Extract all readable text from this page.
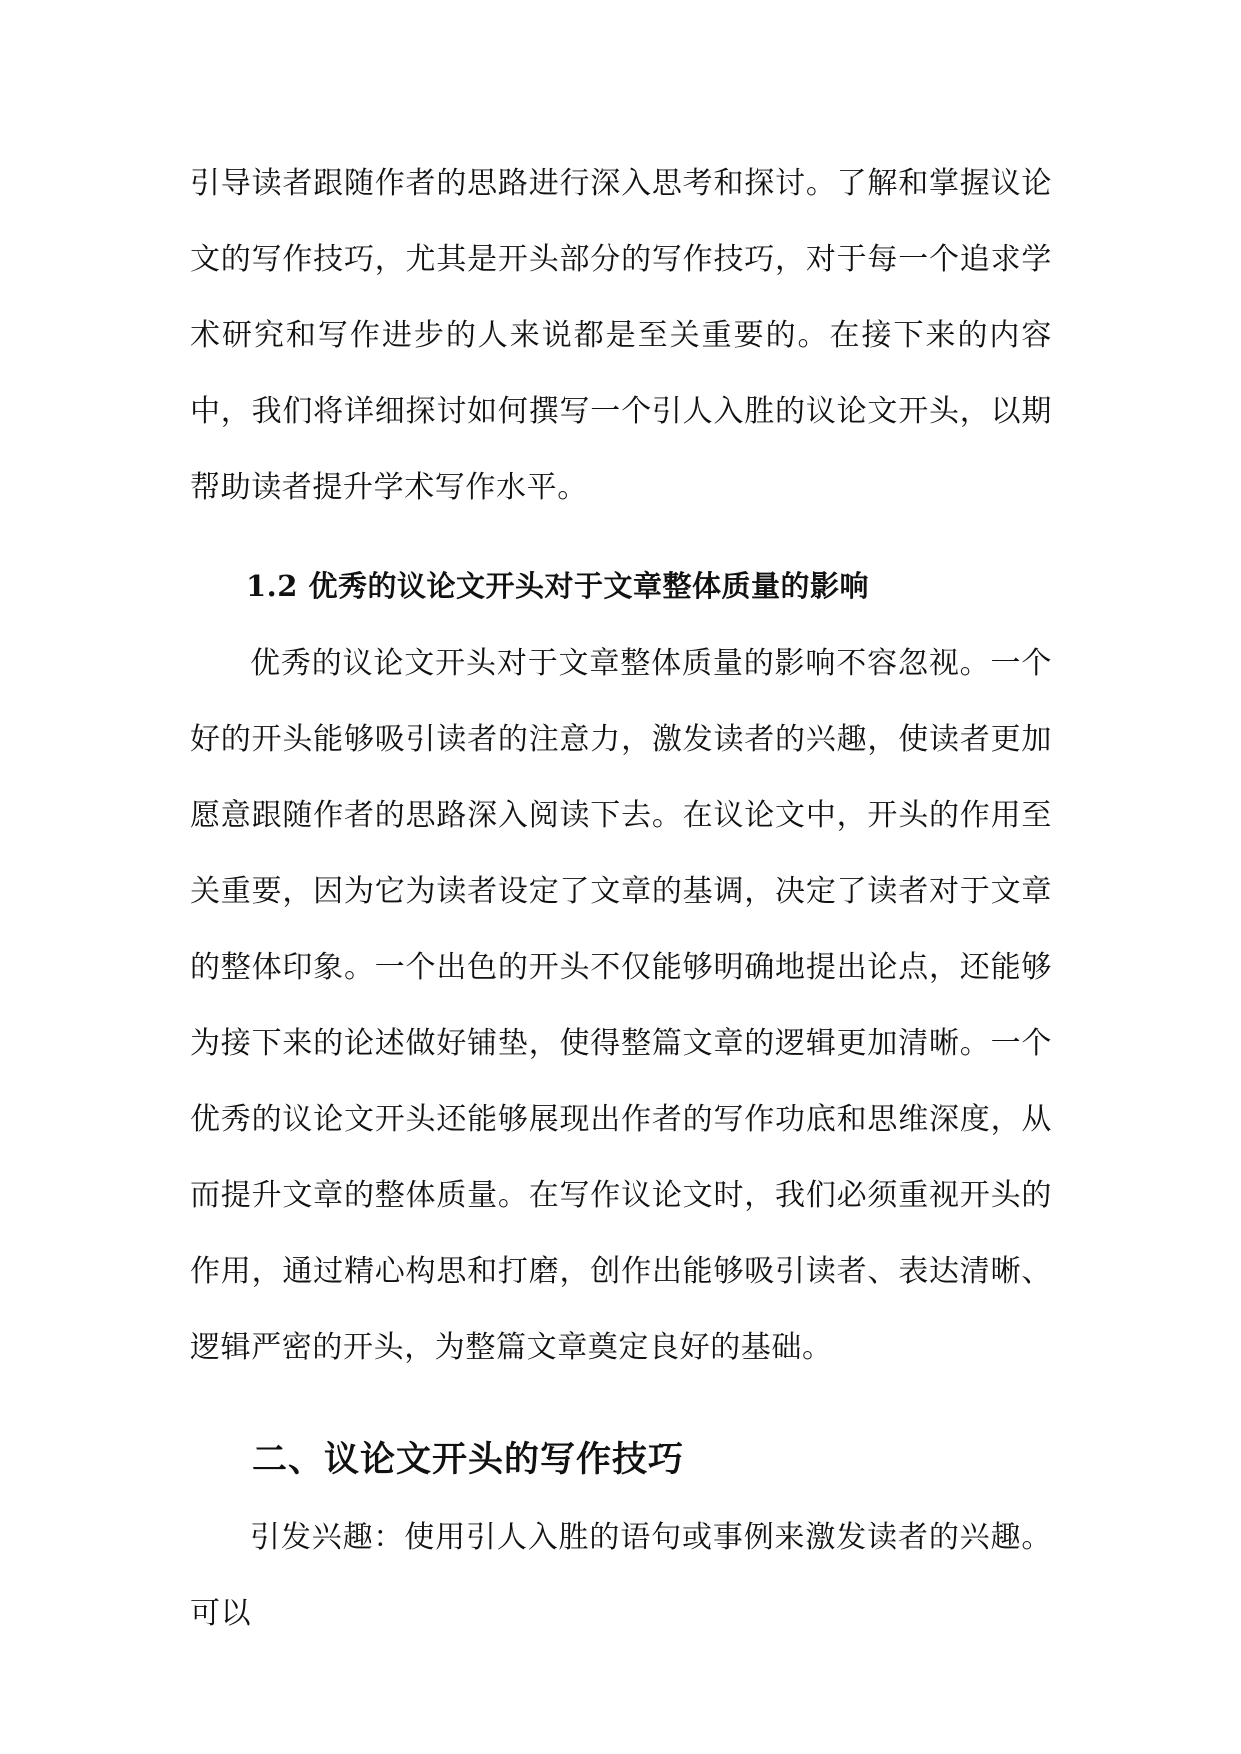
引导读者跟随作者的思路进行深入思考和探讨。了解和掌握议论文的写作技巧，尤其是开头部分的写作技巧，对于每一个追求学术研究和写作进步的人来说都是至关重要的。在接下来的内容中，我们将详细探讨如何撰写一个引人入胜的议论文开头，以期帮助读者提升学术写作水平。

1.2 优秀的议论文开头对于文章整体质量的影响

优秀的议论文开头对于文章整体质量的影响不容忽视。一个好的开头能够吸引读者的注意力，激发读者的兴趣，使读者更加愿意跟随作者的思路深入阅读下去。在议论文中，开头的作用至关重要，因为它为读者设定了文章的基调，决定了读者对于文章的整体印象。一个出色的开头不仅能够明确地提出论点，还能够为接下来的论述做好铺垫，使得整篇文章的逻辑更加清晰。一个优秀的议论文开头还能够展现出作者的写作功底和思维深度，从而提升文章的整体质量。在写作议论文时，我们必须重视开头的作用，通过精心构思和打磨，创作出能够吸引读者、表达清晰、逻辑严密的开头，为整篇文章奠定良好的基础。

二、议论文开头的写作技巧

引发兴趣：使用引人入胜的语句或事例来激发读者的兴趣。可以
